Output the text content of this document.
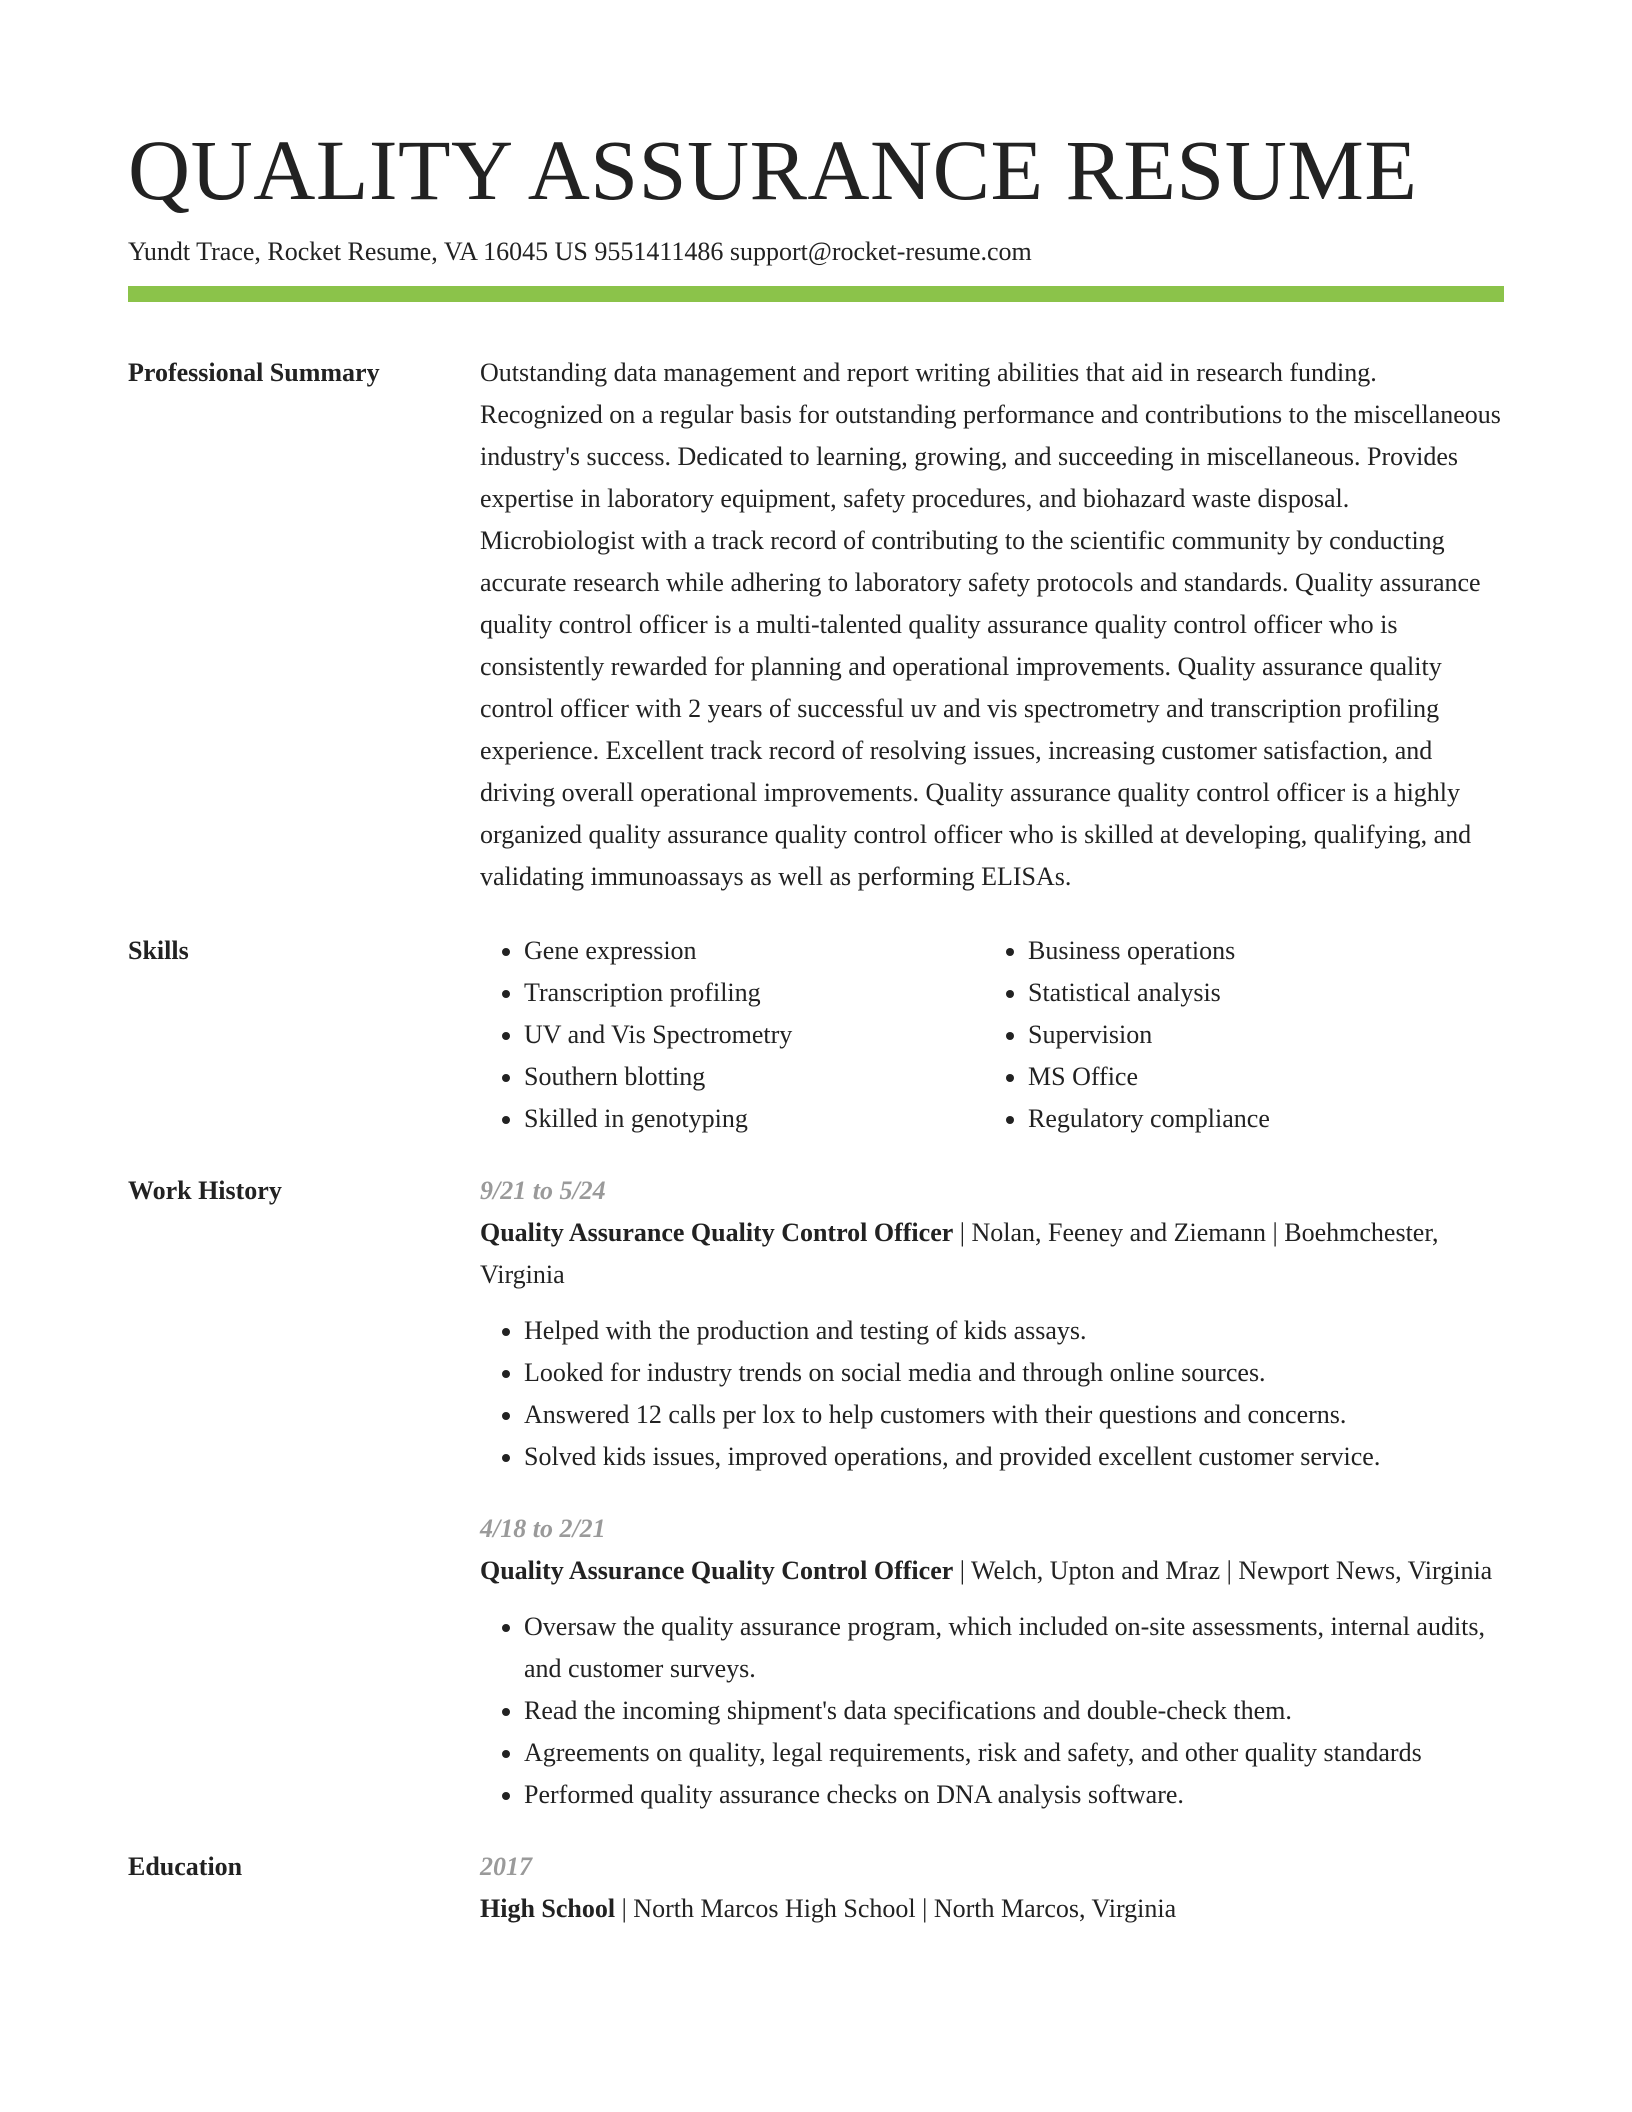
QUALITY ASSURANCE RESUME
Yundt Trace, Rocket Resume, VA 16045 US 9551411486 support@rocket-resume.com
Professional Summary	Outstanding data management and report writing abilities that aid in research funding. Recognized on a regular basis for outstanding performance and contributions to the miscellaneous industry's success. Dedicated to learning, growing, and succeeding in miscellaneous. Provides expertise in laboratory equipment, safety procedures, and biohazard waste disposal. Microbiologist with a track record of contributing to the scientific community by conducting accurate research while adhering to laboratory safety protocols and standards. Quality assurance quality control officer is a multi-talented quality assurance quality control officer who is consistently rewarded for planning and operational improvements. Quality assurance quality control officer with 2 years of successful uv and vis spectrometry and transcription profiling experience. Excellent track record of resolving issues, increasing customer satisfaction, and driving overall operational improvements. Quality assurance quality control officer is a highly organized quality assurance quality control officer who is skilled at developing, qualifying, and validating immunoassays as well as performing ELISAs.
Skills
•	Gene expression
• Transcription profiling
• UV and Vis Spectrometry
• Southern blotting
• Skilled in genotyping
• Business operations
• Statistical analysis
• Supervision
• MS Office
• Regulatory compliance
Work History	9/21 to 5/24
Quality Assurance Quality Control Officer | Nolan, Feeney and Ziemann | Boehmchester, Virginia
• Helped with the production and testing of kids assays.
• Looked for industry trends on social media and through online sources.
• Answered 12 calls per lox to help customers with their questions and concerns.
• Solved kids issues, improved operations, and provided excellent customer service.
4/18 to 2/21
Quality Assurance Quality Control Officer | Welch, Upton and Mraz | Newport News, Virginia
• Oversaw the quality assurance program, which included on-site assessments, internal audits, and customer surveys.
• Read the incoming shipment's data specifications and double-check them.
• Agreements on quality, legal requirements, risk and safety, and other quality standards
• Performed quality assurance checks on DNA analysis software.
Education	2017
High School | North Marcos High School | North Marcos, Virginia
